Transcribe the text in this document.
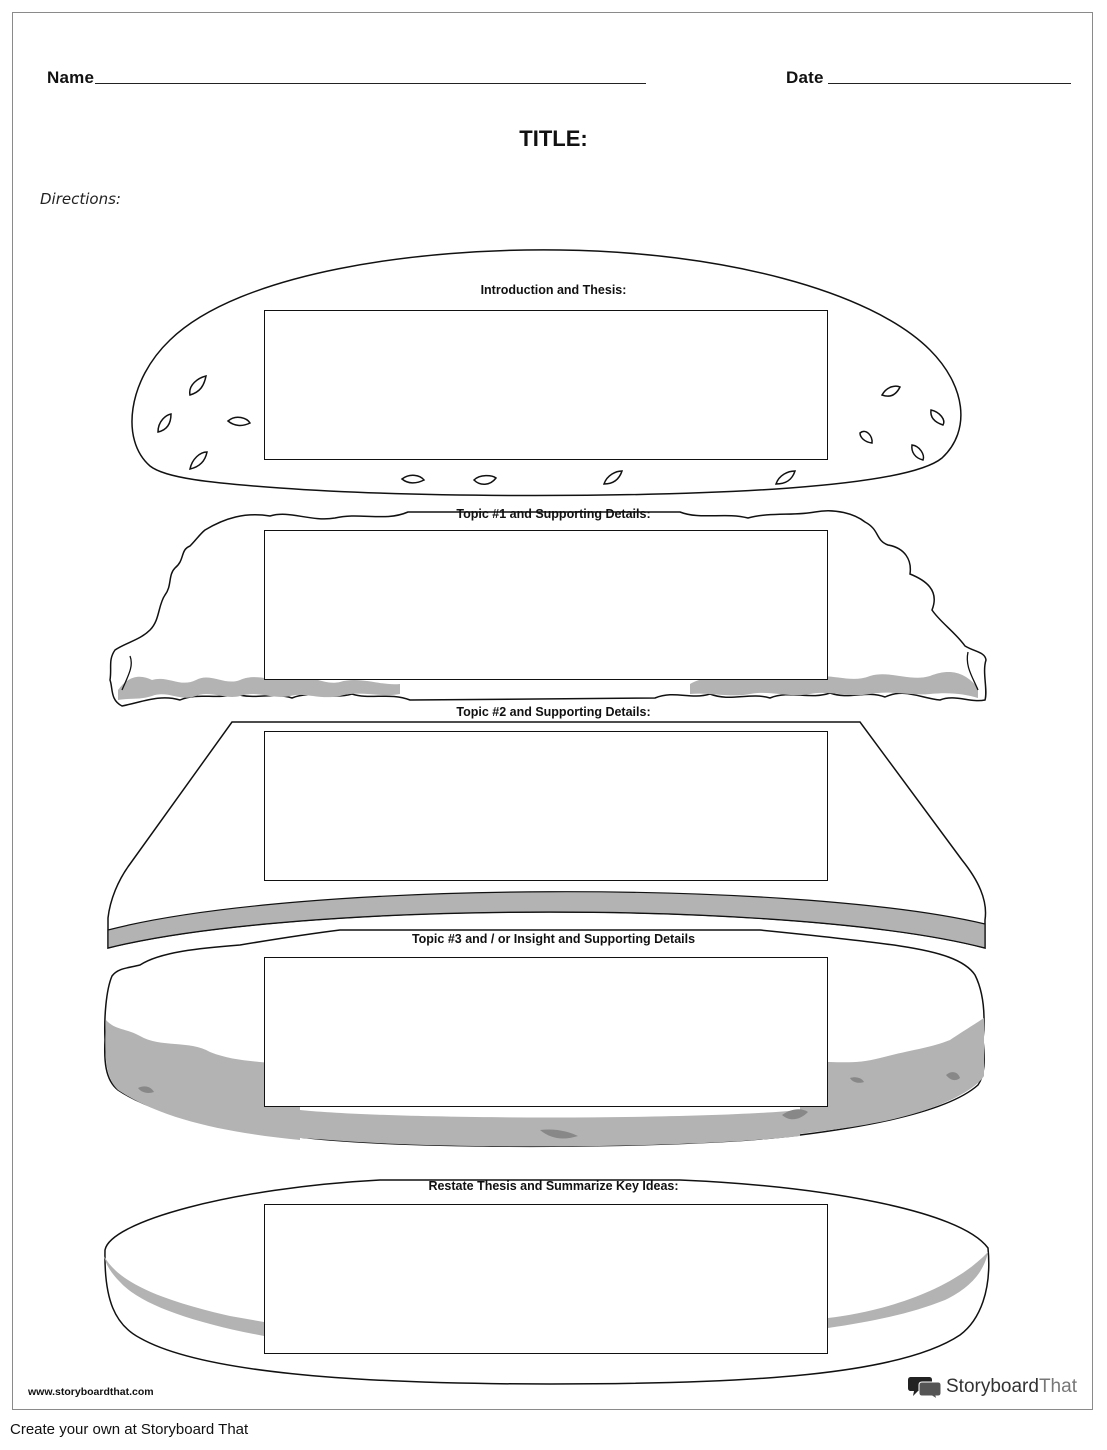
Name	Date
TITLE:
Directions:
Introduction and Thesis:
Topic #1 and Supporting Details:
Topic #2 and Supporting Details:
Topic #3 and / or Insight and Supporting Details
Restate Thesis and Summarize Key Ideas:
www.storyboardthat.com	StoryboardThat
Create your own at Storyboard That
